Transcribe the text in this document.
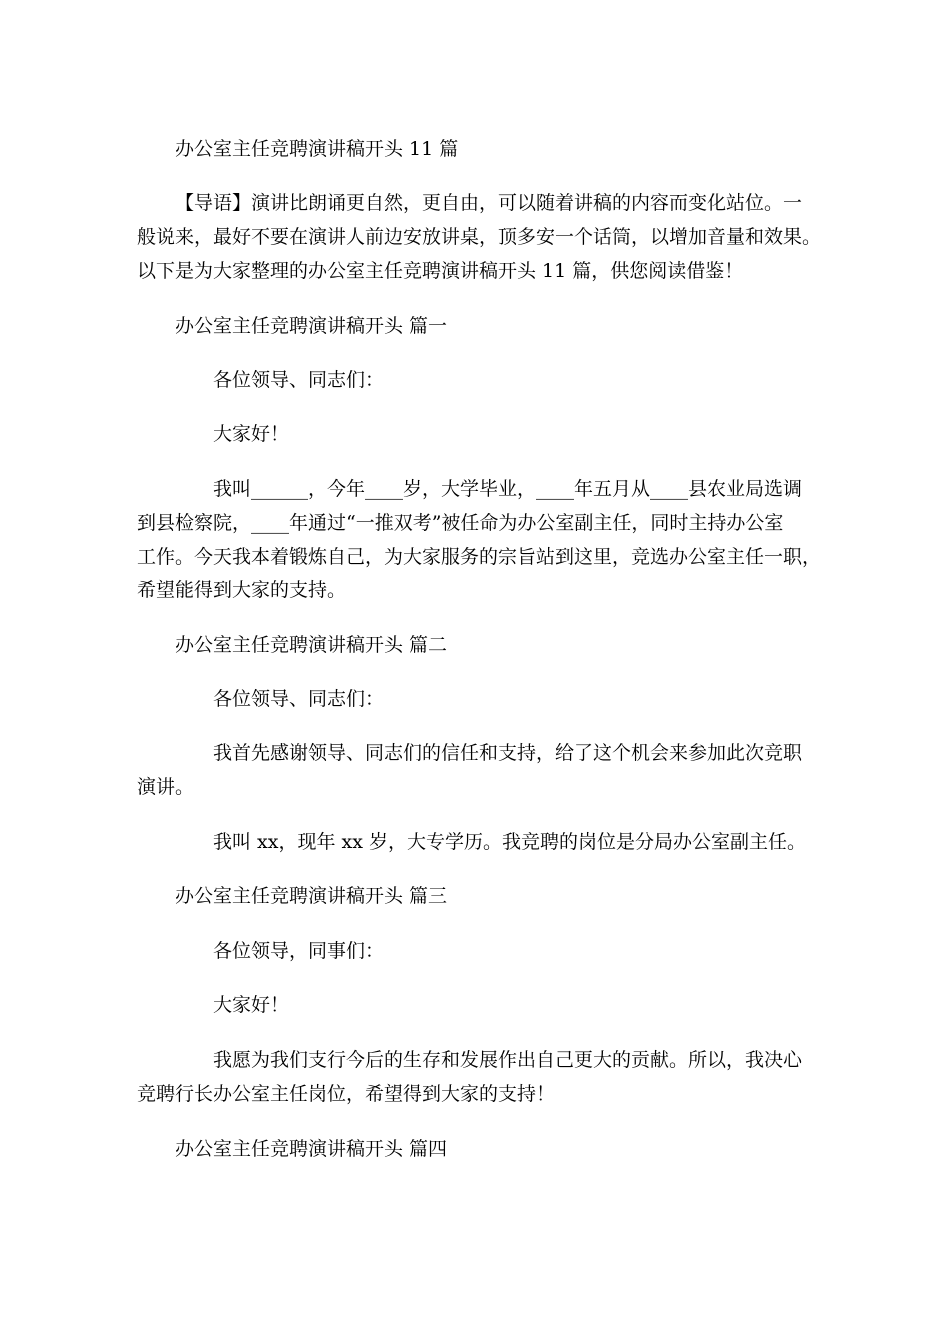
办公室主任竞聘演讲稿开头 11 篇
【导语】演讲比朗诵更自然，更自由，可以随着讲稿的内容而变化站位。一
般说来，最好不要在演讲人前边安放讲桌，顶多安一个话筒，以增加音量和效果。
以下是为大家整理的办公室主任竞聘演讲稿开头 11 篇，供您阅读借鉴！
办公室主任竞聘演讲稿开头 篇一
各位领导、同志们：
大家好！
我叫______，今年____岁，大学毕业，____年五月从____县农业局选调
到县检察院，____年通过“一推双考”被任命为办公室副主任，同时主持办公室
工作。今天我本着锻炼自己，为大家服务的宗旨站到这里，竞选办公室主任一职，
希望能得到大家的支持。
办公室主任竞聘演讲稿开头 篇二
各位领导、同志们：
我首先感谢领导、同志们的信任和支持，给了这个机会来参加此次竞职
演讲。
我叫 xx，现年 xx 岁，大专学历。我竞聘的岗位是分局办公室副主任。
办公室主任竞聘演讲稿开头 篇三
各位领导，同事们：
大家好！
我愿为我们支行今后的生存和发展作出自己更大的贡献。所以，我决心
竞聘行长办公室主任岗位，希望得到大家的支持！
办公室主任竞聘演讲稿开头 篇四
